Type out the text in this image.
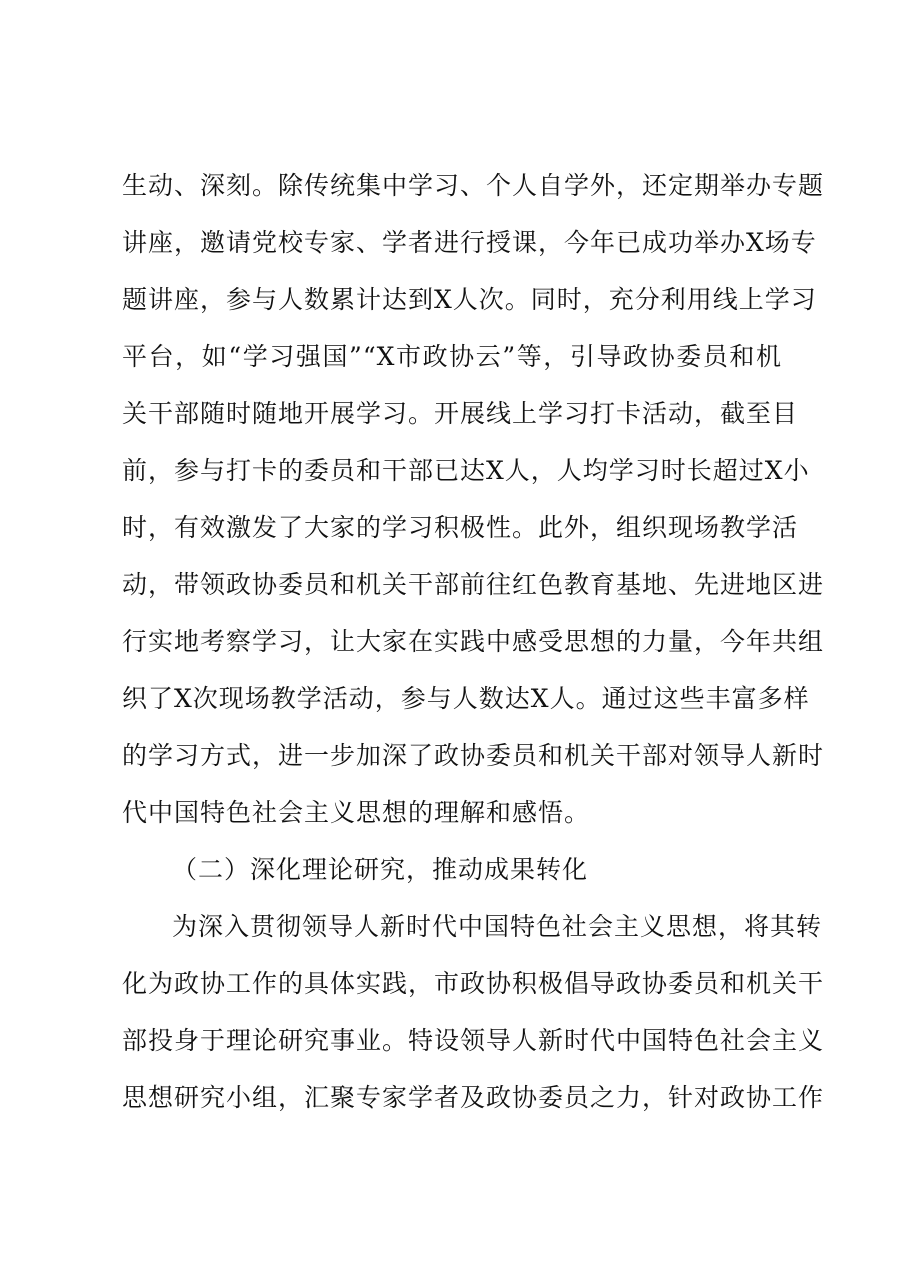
生动、深刻。除传统集中学习、个人自学外，还定期举办专题
讲座，邀请党校专家、学者进行授课，今年已成功举办X场专
题讲座，参与人数累计达到X人次。同时，充分利用线上学习
平台，如“学习强国”“X市政协云”等，引导政协委员和机
关干部随时随地开展学习。开展线上学习打卡活动，截至目
前，参与打卡的委员和干部已达X人，人均学习时长超过X小
时，有效激发了大家的学习积极性。此外，组织现场教学活
动，带领政协委员和机关干部前往红色教育基地、先进地区进
行实地考察学习，让大家在实践中感受思想的力量，今年共组
织了X次现场教学活动，参与人数达X人。通过这些丰富多样
的学习方式，进一步加深了政协委员和机关干部对领导人新时
代中国特色社会主义思想的理解和感悟。
（二）深化理论研究，推动成果转化
为深入贯彻领导人新时代中国特色社会主义思想，将其转
化为政协工作的具体实践，市政协积极倡导政协委员和机关干
部投身于理论研究事业。特设领导人新时代中国特色社会主义
思想研究小组，汇聚专家学者及政协委员之力，针对政协工作
